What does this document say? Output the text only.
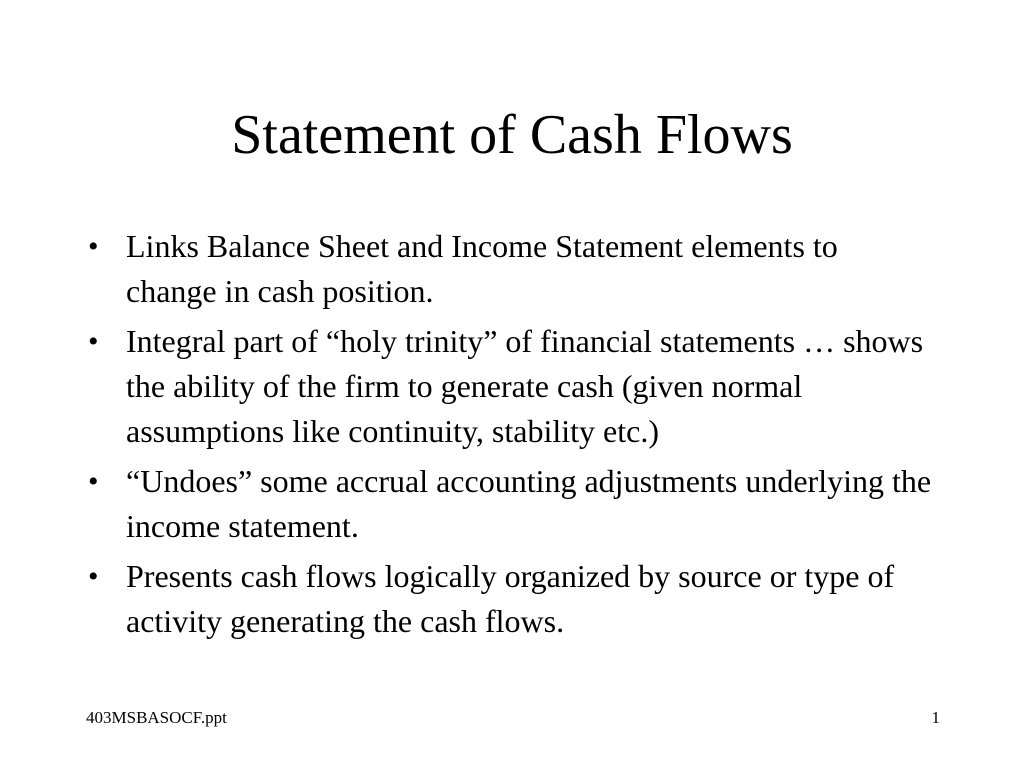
Statement of Cash Flows
• Links Balance Sheet and Income Statement elements to change in cash position.
• Integral part of “holy trinity” of financial statements … shows the ability of the firm to generate cash (given normal assumptions like continuity, stability etc.)
• “Undoes” some accrual accounting adjustments underlying the income statement.
• Presents cash flows logically organized by source or type of activity generating the cash flows.
403MSBASOCF.ppt	1
